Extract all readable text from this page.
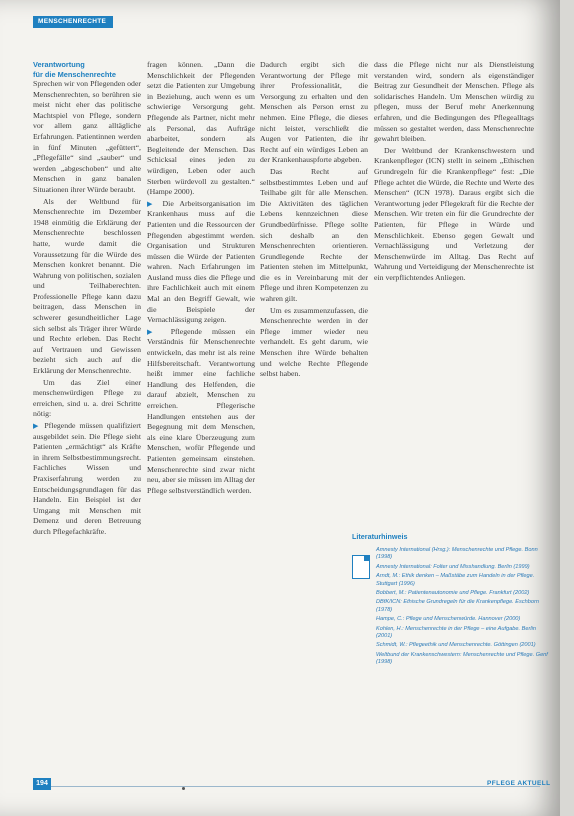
MENSCHENRECHTE
Verantwortung
für die Menschenrechte

Sprechen wir von Pflegenden oder Menschenrechten, so berühren sie meist nicht eher das politische Machtspiel von Pflege, sondern vor allem ganz alltägliche Erfahrungen. Patientinnen werden in fünf Minuten „gefüttert“, „Pflegefälle“ sind „sauber“ und werden „abgeschoben“ und alte Menschen in ganz banalen Situationen ihrer Würde beraubt.

Als der Weltbund für Menschenrechte im Dezember 1948 einmütig die Erklärung der Menschenrechte beschlossen hatte, wurde damit die Voraussetzung für die Würde des Menschen konkret benannt. Die Wahrung von politischen, sozialen und Teilhaberechten. Professionelle Pflege kann dazu beitragen, dass Menschen in schwerer gesundheitlicher Lage sich selbst als Träger ihrer Würde und Rechte erleben. Das Recht auf Vertrauen und Gewissen bezieht sich auch auf die Erklärung der Menschenrechte.

Um das Ziel einer menschenwürdigen Pflege zu erreichen, sind u. a. drei Schritte nötig:

▶ Pflegende müssen qualifiziert ausgebildet sein. Die Pflege sieht Patienten „ermächtigt“ als Kräfte in ihrem Selbstbestimmungsrecht. Fachliches Wissen und Praxiserfahrung werden zu Entscheidungsgrundlagen für das Handeln. Ein Beispiel ist der Umgang mit Menschen mit Demenz und deren Betreuung durch Pflegefachkräfte.

fragen können. „Dann die Menschlichkeit der Pflegenden setzt die Patienten zur Umgebung in Beziehung, auch wenn es um schwierige Versorgung geht. Pflegende als Partner, nicht mehr als Personal, das Aufträge abarbeitet, sondern als Begleitende der Menschen. Das Schicksal eines jeden zu würdigen, Leben oder auch Sterben würdevoll zu gestalten.“ (Hampe 2000).

▶ Die Arbeitsorganisation im Krankenhaus muss auf die Patienten und die Ressourcen der Pflegenden abgestimmt werden. Organisation und Strukturen müssen die Würde der Patienten wahren. Nach Erfahrungen im Ausland muss dies die Pflege und ihre Fachlichkeit auch mit einem Mal an den Begriff Gewalt, wie die Beispiele der Vernachlässigung zeigen.

▶ Pflegende müssen ein Verständnis für Menschenrechte entwickeln, das mehr ist als reine Hilfsbereitschaft. Verantwortung heißt immer eine fachliche Handlung des Helfenden, die darauf abzielt, Menschen zu erreichen. Pflegerische Handlungen entstehen aus der Begegnung mit dem Menschen, als eine klare Überzeugung zum Menschen, wofür Pflegende und Patienten gemeinsam einstehen. Menschenrechte sind zwar nicht neu, aber sie müssen im Alltag der Pflege selbstverständlich werden.

Dadurch ergibt sich die Verantwortung der Pflege mit ihrer Professionalität, die Versorgung zu erhalten und den Menschen als Person ernst zu nehmen. Eine Pflege, die dieses nicht leistet, verschließt die Augen vor Patienten, die ihr Recht auf ein würdiges Leben an der Krankenhauspforte abgeben.

Das Recht auf selbstbestimmtes Leben und auf Teilhabe gilt für alle Menschen. Die Aktivitäten des täglichen Lebens kennzeichnen diese Grundbedürfnisse. Pflege sollte sich deshalb an den Menschenrechten orientieren. Grundlegende Rechte der Patienten stehen im Mittelpunkt, die es in Vereinbarung mit der Pflege und ihren Kompetenzen zu wahren gilt.

Um es zusammenzufassen, die Menschenrechte werden in der Pflege immer wieder neu verhandelt. Es geht darum, wie Menschen ihre Würde behalten und welche Rechte Pflegende selbst haben.

dass die Pflege nicht nur als Dienstleistung verstanden wird, sondern als eigenständiger Beitrag zur Gesundheit der Menschen. Pflege als solidarisches Handeln. Um Menschen würdig zu pflegen, muss der Beruf mehr Anerkennung erfahren, und die Bedingungen des Pflegealltags müssen so gestaltet werden, dass Menschenrechte gewahrt bleiben.

Der Weltbund der Krankenschwestern und Krankenpfleger (ICN) stellt in seinem „Ethischen Grundregeln für die Krankenpflege“ fest: „Die Pflege achtet die Würde, die Rechte und Werte des Menschen“ (ICN 1978). Daraus ergibt sich die Verantwortung jeder Pflegekraft für die Rechte der Menschen. Wir treten ein für die Grundrechte der Patienten, für Pflege in Würde und Menschlichkeit. Ebenso gegen Gewalt und Vernachlässigung und Verletzung der Menschenwürde im Alltag. Das Recht auf Wahrung und Verteidigung der Menschenrechte ist ein verpflichtendes Anliegen.

Literaturhinweis
Amnesty International (Hrsg.): Menschenrechte und Pflege. Bonn (1998)
Amnesty International: Folter und Misshandlung. Berlin (1999)
Arndt, M.: Ethik denken – Maßstäbe zum Handeln in der Pflege. Stuttgart (1996)
Bobbert, M.: Patientenautonomie und Pflege. Frankfurt (2002)
DBfK/ICN: Ethische Grundregeln für die Krankenpflege. Eschborn (1978)
Hampe, C.: Pflege und Menschenwürde. Hannover (2000)
Kohlen, H.: Menschenrechte in der Pflege – eine Aufgabe. Berlin (2001)
Schmidt, W.: Pflegeethik und Menschenrechte. Göttingen (2001)
Weltbund der Krankenschwestern: Menschenrechte und Pflege. Genf (1998)
194	PFLEGE AKTUELL
